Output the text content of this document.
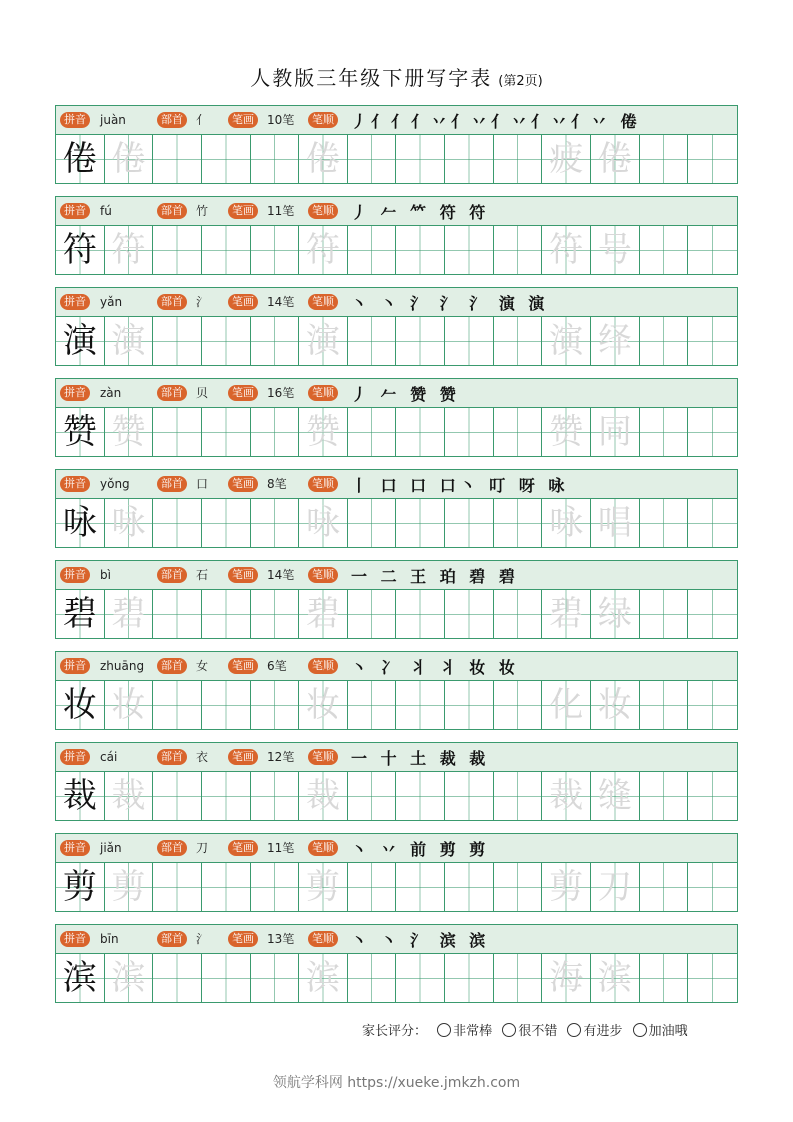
人教版三年级下册写字表 (第2页)
拼音	juàn	部首	亻	笔画	10笔	笔顺 丿亻亻亻丷亻丷亻丷亻丷亻丷 倦
倦 倦	倦	疲 倦
拼音	fú	部首	竹	笔画	11笔	笔顺 丿 𠂉 𥫗 符 符
符 符	符	符 号
拼音	yǎn	部首	氵	笔画	14笔	笔顺 丶 丶 氵 氵 氵 演 演
演 演	演	演 绎
拼音	zàn	部首	贝	笔画	16笔	笔顺 丿 𠂉 赞 赞
赞 赞	赞	赞 同
拼音	yǒng	部首	口	笔画	8笔	笔顺 丨 口 口 口丶 叮 呀 咏
咏 咏	咏	咏 唱
拼音	bì	部首	石	笔画	14笔	笔顺 一 二 王 珀 碧 碧
碧 碧	碧	碧 绿
拼音	zhuāng	部首	女	笔画	6笔	笔顺 丶 冫 丬 丬 妆 妆
妆 妆	妆	化 妆
拼音	cái	部首	衣	笔画	12笔	笔顺 一 十 土 裁 裁
裁 裁	裁	裁 缝
拼音	jiǎn	部首	刀	笔画	11笔	笔顺 丶 丷 前 剪 剪
剪 剪	剪	剪 刀
拼音	bīn	部首	氵	笔画	13笔	笔顺 丶 丶 氵 滨 滨
滨 滨	滨	海 滨
家长评分： 非常棒 很不错 有进步 加油哦
领航学科网 https://xueke.jmkzh.com
